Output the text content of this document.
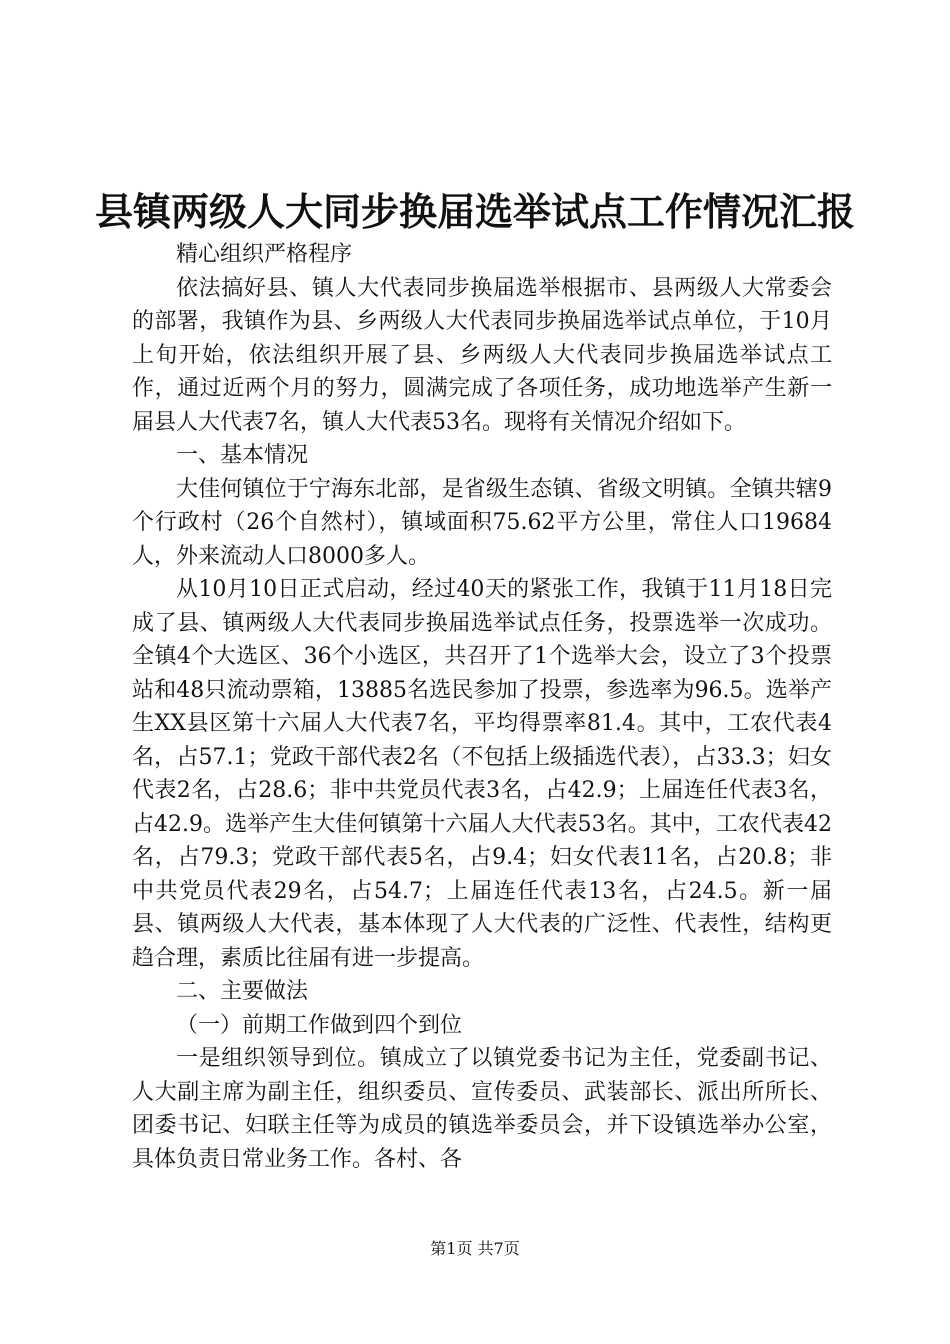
县镇两级人大同步换届选举试点工作情况汇报

精心组织严格程序

依法搞好县、镇人大代表同步换届选举根据市、县两级人大常委会的部署，我镇作为县、乡两级人大代表同步换届选举试点单位，于10月上旬开始，依法组织开展了县、乡两级人大代表同步换届选举试点工作，通过近两个月的努力，圆满完成了各项任务，成功地选举产生新一届县人大代表7名，镇人大代表53名。现将有关情况介绍如下。

一、基本情况

大佳何镇位于宁海东北部，是省级生态镇、省级文明镇。全镇共辖9个行政村（26个自然村），镇域面积75.62平方公里，常住人口19684人，外来流动人口8000多人。

从10月10日正式启动，经过40天的紧张工作，我镇于11月18日完成了县、镇两级人大代表同步换届选举试点任务，投票选举一次成功。全镇4个大选区、36个小选区，共召开了1个选举大会，设立了3个投票站和48只流动票箱，13885名选民参加了投票，参选率为96.5。选举产生XX县区第十六届人大代表7名，平均得票率81.4。其中，工农代表4名，占57.1；党政干部代表2名（不包括上级插选代表），占33.3；妇女代表2名，占28.6；非中共党员代表3名，占42.9；上届连任代表3名，占42.9。选举产生大佳何镇第十六届人大代表53名。其中，工农代表42名，占79.3；党政干部代表5名，占9.4；妇女代表11名，占20.8；非中共党员代表29名，占54.7；上届连任代表13名，占24.5。新一届县、镇两级人大代表，基本体现了人大代表的广泛性、代表性，结构更趋合理，素质比往届有进一步提高。

二、主要做法

（一）前期工作做到四个到位

一是组织领导到位。镇成立了以镇党委书记为主任，党委副书记、人大副主席为副主任，组织委员、宣传委员、武装部长、派出所所长、团委书记、妇联主任等为成员的镇选举委员会，并下设镇选举办公室，具体负责日常业务工作。各村、各

第1页 共7页
